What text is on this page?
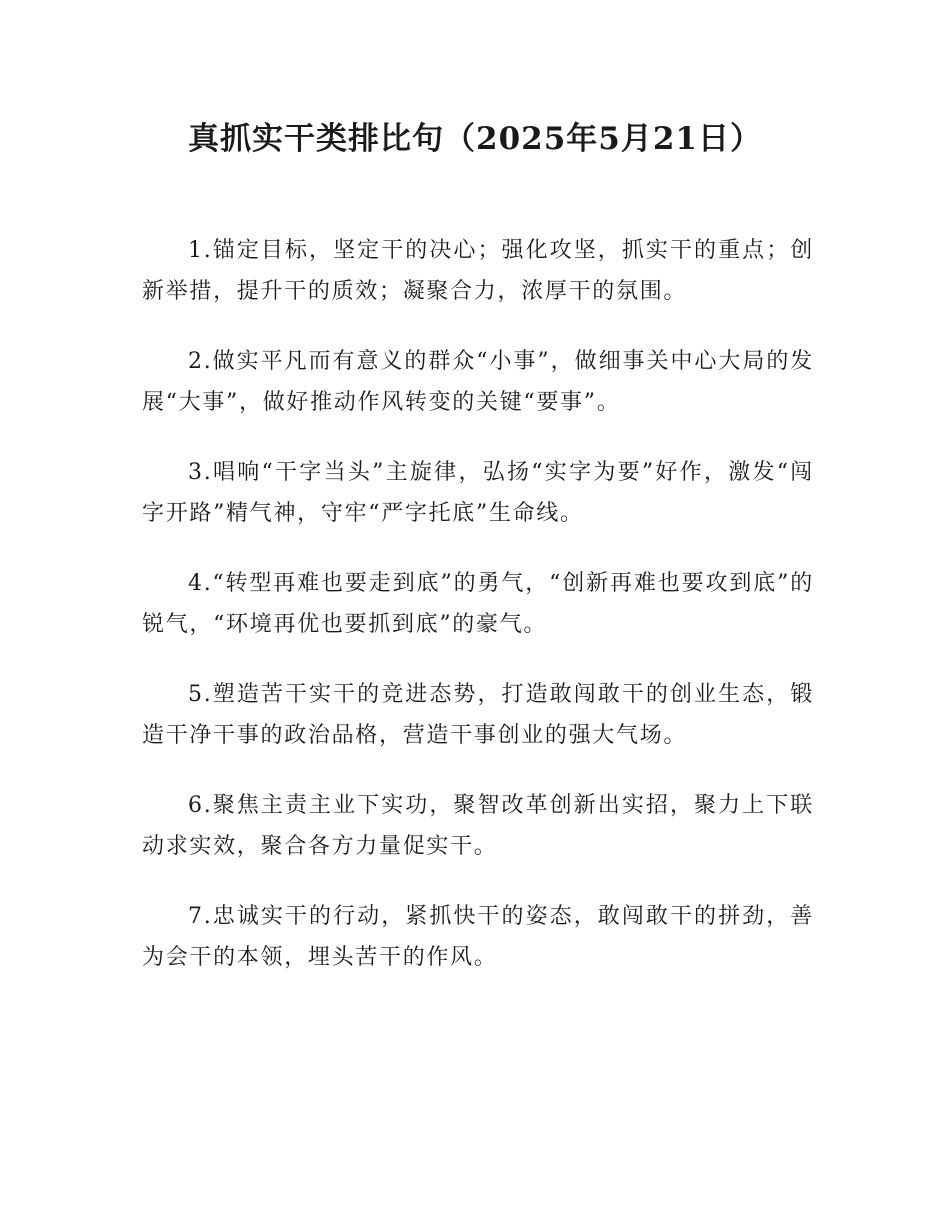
真抓实干类排比句（2025年5月21日）

1.锚定目标，坚定干的决心；强化攻坚，抓实干的重点；创新举措，提升干的质效；凝聚合力，浓厚干的氛围。

2.做实平凡而有意义的群众“小事”，做细事关中心大局的发展“大事”，做好推动作风转变的关键“要事”。

3.唱响“干字当头”主旋律，弘扬“实字为要”好作，激发“闯字开路”精气神，守牢“严字托底”生命线。

4.“转型再难也要走到底”的勇气，“创新再难也要攻到底”的锐气，“环境再优也要抓到底”的豪气。

5.塑造苦干实干的竞进态势，打造敢闯敢干的创业生态，锻造干净干事的政治品格，营造干事创业的强大气场。

6.聚焦主责主业下实功，聚智改革创新出实招，聚力上下联动求实效，聚合各方力量促实干。

7.忠诚实干的行动，紧抓快干的姿态，敢闯敢干的拼劲，善为会干的本领，埋头苦干的作风。
